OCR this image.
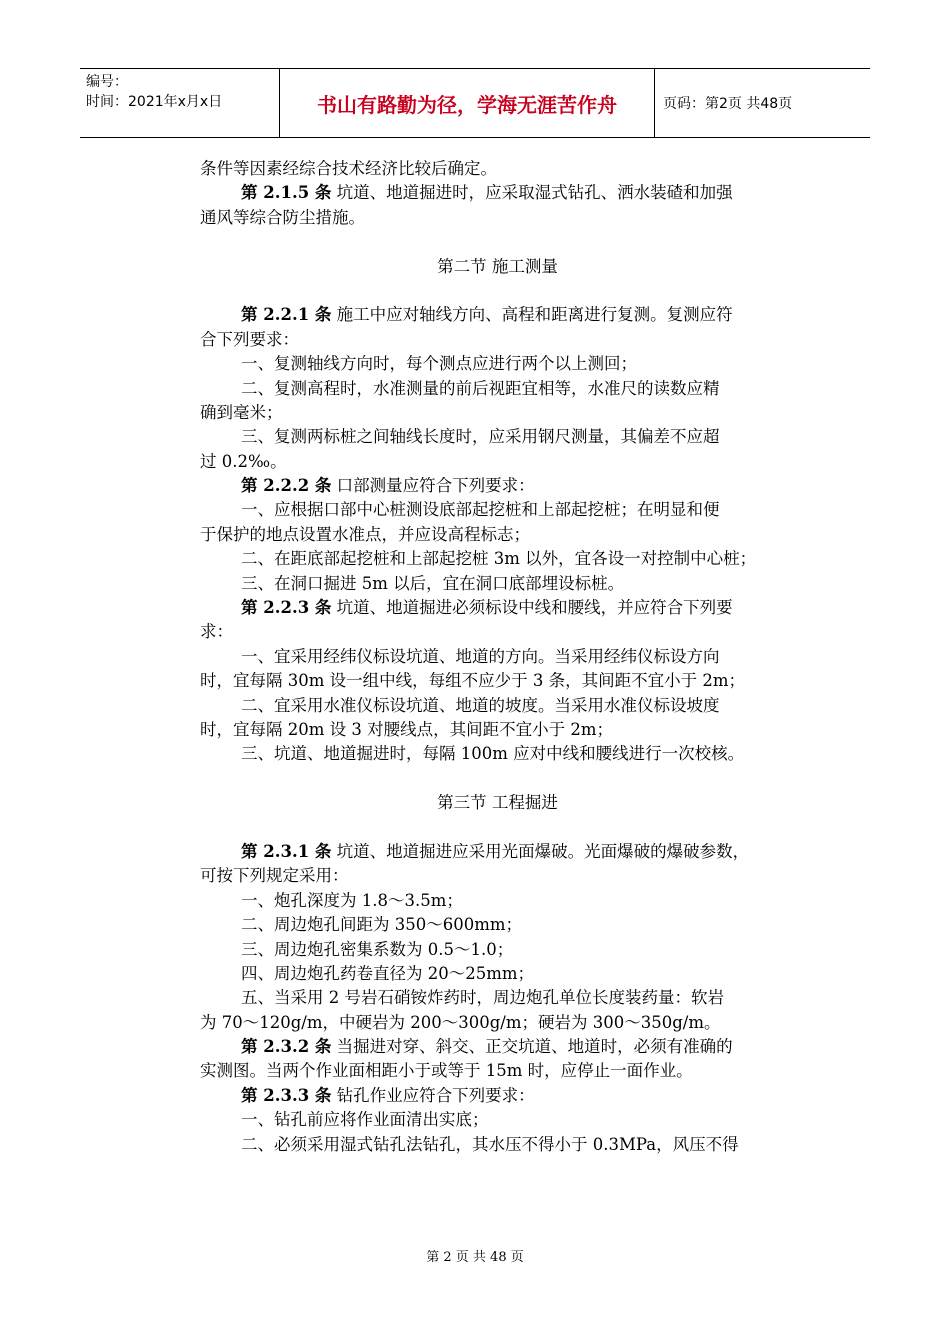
编号：
时间：2021年x月x日	书山有路勤为径，学海无涯苦作舟	页码：第2页 共48页
条件等因素经综合技术经济比较后确定。
第 2.1.5 条 坑道、地道掘进时，应采取湿式钻孔、洒水装碴和加强
通风等综合防尘措施。
第二节 施工测量
第 2.2.1 条 施工中应对轴线方向、高程和距离进行复测。复测应符
合下列要求：
一、复测轴线方向时，每个测点应进行两个以上测回；
二、复测高程时，水准测量的前后视距宜相等，水准尺的读数应精
确到毫米；
三、复测两标桩之间轴线长度时，应采用钢尺测量，其偏差不应超
过 0.2‰。
第 2.2.2 条 口部测量应符合下列要求：
一、应根据口部中心桩测设底部起挖桩和上部起挖桩；在明显和便
于保护的地点设置水准点，并应设高程标志；
二、在距底部起挖桩和上部起挖桩 3m 以外，宜各设一对控制中心桩；
三、在洞口掘进 5m 以后，宜在洞口底部埋设标桩。
第 2.2.3 条 坑道、地道掘进必须标设中线和腰线，并应符合下列要
求：
一、宜采用经纬仪标设坑道、地道的方向。当采用经纬仪标设方向
时，宜每隔 30m 设一组中线，每组不应少于 3 条，其间距不宜小于 2m；
二、宜采用水准仪标设坑道、地道的坡度。当采用水准仪标设坡度
时，宜每隔 20m 设 3 对腰线点，其间距不宜小于 2m；
三、坑道、地道掘进时，每隔 100m 应对中线和腰线进行一次校核。
第三节 工程掘进
第 2.3.1 条 坑道、地道掘进应采用光面爆破。光面爆破的爆破参数，
可按下列规定采用：
一、炮孔深度为 1.8～3.5m；
二、周边炮孔间距为 350～600mm；
三、周边炮孔密集系数为 0.5～1.0；
四、周边炮孔药卷直径为 20～25mm；
五、当采用 2 号岩石硝铵炸药时，周边炮孔单位长度装药量：软岩
为 70～120g/m，中硬岩为 200～300g/m；硬岩为 300～350g/m。
第 2.3.2 条 当掘进对穿、斜交、正交坑道、地道时，必须有准确的
实测图。当两个作业面相距小于或等于 15m 时，应停止一面作业。
第 2.3.3 条 钻孔作业应符合下列要求：
一、钻孔前应将作业面清出实底；
二、必须采用湿式钻孔法钻孔，其水压不得小于 0.3MPa，风压不得
第 2 页 共 48 页
